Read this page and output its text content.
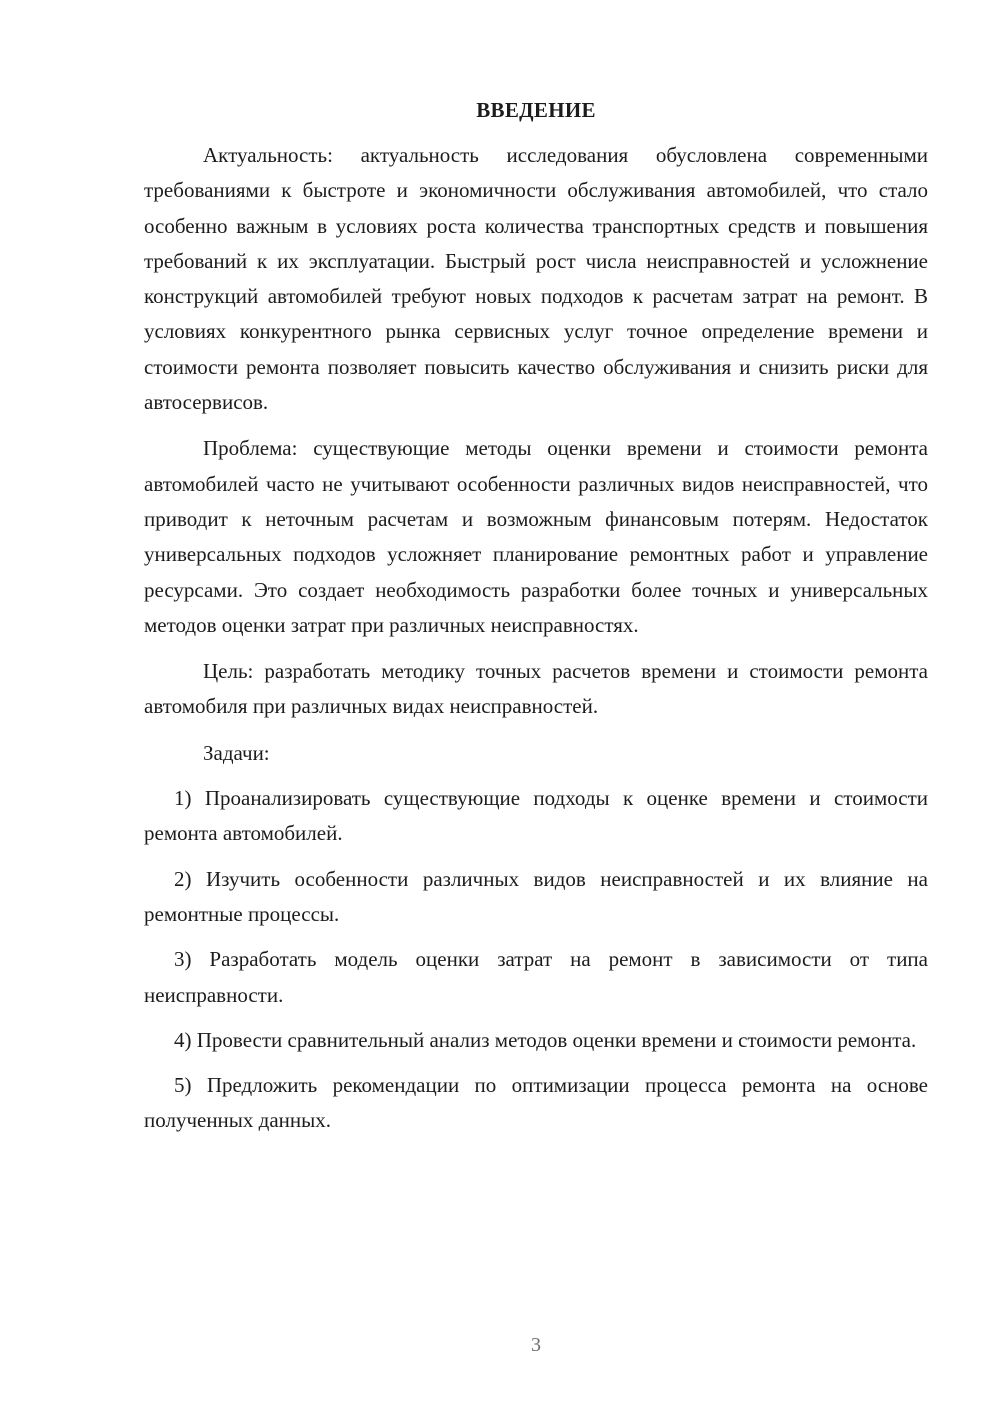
ВВЕДЕНИЕ

Актуальность: актуальность исследования обусловлена современными требованиями к быстроте и экономичности обслуживания автомобилей, что стало особенно важным в условиях роста количества транспортных средств и повышения требований к их эксплуатации. Быстрый рост числа неисправностей и усложнение конструкций автомобилей требуют новых подходов к расчетам затрат на ремонт. В условиях конкурентного рынка сервисных услуг точное определение времени и стоимости ремонта позволяет повысить качество обслуживания и снизить риски для автосервисов.

Проблема: существующие методы оценки времени и стоимости ремонта автомобилей часто не учитывают особенности различных видов неисправностей, что приводит к неточным расчетам и возможным финансовым потерям. Недостаток универсальных подходов усложняет планирование ремонтных работ и управление ресурсами. Это создает необходимость разработки более точных и универсальных методов оценки затрат при различных неисправностях.

Цель: разработать методику точных расчетов времени и стоимости ремонта автомобиля при различных видах неисправностей.

Задачи:

1) Проанализировать существующие подходы к оценке времени и стоимости ремонта автомобилей.

2) Изучить особенности различных видов неисправностей и их влияние на ремонтные процессы.

3) Разработать модель оценки затрат на ремонт в зависимости от типа неисправности.

4) Провести сравнительный анализ методов оценки времени и стоимости ремонта.

5) Предложить рекомендации по оптимизации процесса ремонта на основе полученных данных.

3
